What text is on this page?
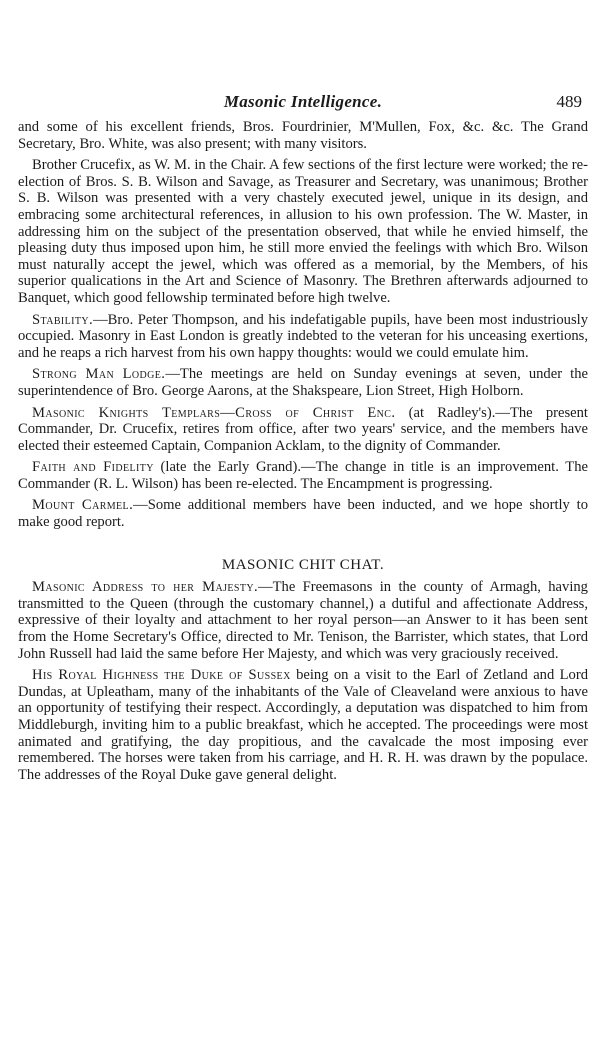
Masonic Intelligence.	489

and some of his excellent friends, Bros. Fourdrinier, M'Mullen, Fox, &c. &c. The Grand Secretary, Bro. White, was also present; with many visitors.

Brother Crucefix, as W. M. in the Chair. A few sections of the first lecture were worked; the re-election of Bros. S. B. Wilson and Savage, as Treasurer and Secretary, was unanimous; Brother S. B. Wilson was presented with a very chastely executed jewel, unique in its design, and embracing some architectural references, in allusion to his own profession. The W. Master, in addressing him on the subject of the presentation observed, that while he envied himself, the pleasing duty thus imposed upon him, he still more envied the feelings with which Bro. Wilson must naturally accept the jewel, which was offered as a memorial, by the Members, of his superior qualications in the Art and Science of Masonry. The Brethren afterwards adjourned to Banquet, which good fellowship terminated before high twelve.

Stability.—Bro. Peter Thompson, and his indefatigable pupils, have been most industriously occupied. Masonry in East London is greatly indebted to the veteran for his unceasing exertions, and he reaps a rich harvest from his own happy thoughts: would we could emulate him.

Strong Man Lodge.—The meetings are held on Sunday evenings at seven, under the superintendence of Bro. George Aarons, at the Shakspeare, Lion Street, High Holborn.

Masonic Knights Templars—Cross of Christ Enc. (at Radley's).—The present Commander, Dr. Crucefix, retires from office, after two years' service, and the members have elected their esteemed Captain, Companion Acklam, to the dignity of Commander.

Faith and Fidelity (late the Early Grand).—The change in title is an improvement. The Commander (R. L. Wilson) has been re-elected. The Encampment is progressing.

Mount Carmel.—Some additional members have been inducted, and we hope shortly to make good report.

MASONIC CHIT CHAT.

Masonic Address to her Majesty.—The Freemasons in the county of Armagh, having transmitted to the Queen (through the customary channel,) a dutiful and affectionate Address, expressive of their loyalty and attachment to her royal person—an Answer to it has been sent from the Home Secretary's Office, directed to Mr. Tenison, the Barrister, which states, that Lord John Russell had laid the same before Her Majesty, and which was very graciously received.

His Royal Highness the Duke of Sussex being on a visit to the Earl of Zetland and Lord Dundas, at Upleatham, many of the inhabitants of the Vale of Cleaveland were anxious to have an opportunity of testifying their respect. Accordingly, a deputation was dispatched to him from Middleburgh, inviting him to a public breakfast, which he accepted. The proceedings were most animated and gratifying, the day propitious, and the cavalcade the most imposing ever remembered. The horses were taken from his carriage, and H. R. H. was drawn by the populace. The addresses of the Royal Duke gave general delight.
